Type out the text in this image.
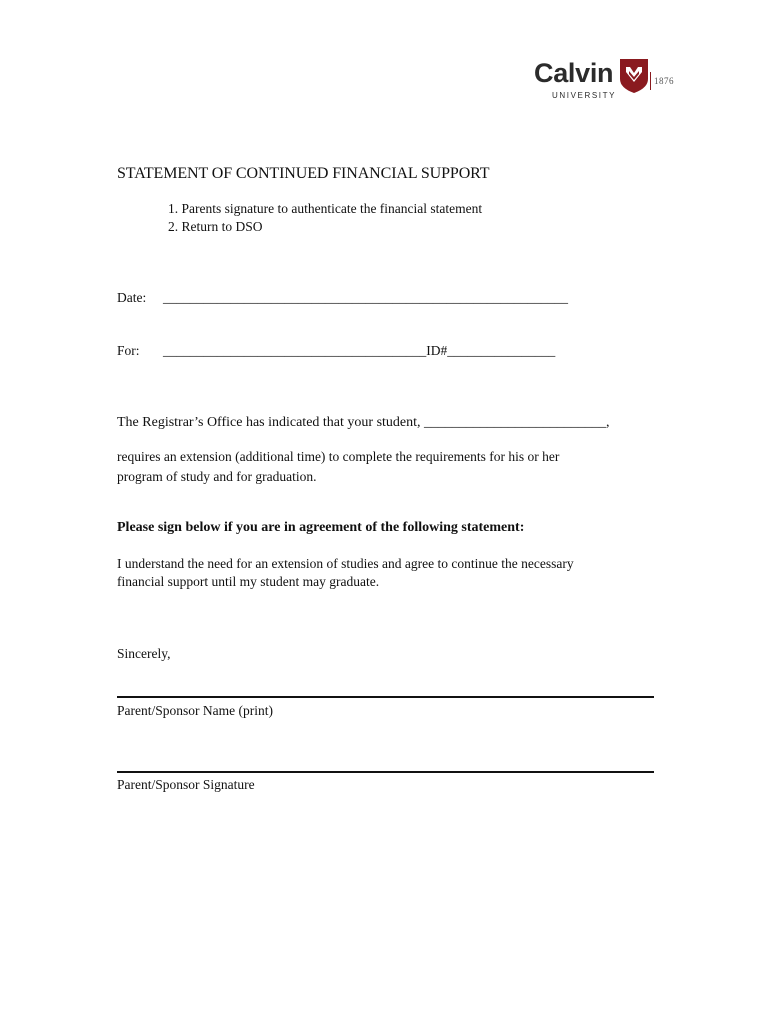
Calvin
UNIVERSITY
1876
STATEMENT OF CONTINUED FINANCIAL SUPPORT
1. Parents signature to authenticate the financial statement
2. Return to DSO
Date: ____________________________________________________________
For: _______________________________________ID#________________
The Registrar’s Office has indicated that your student, __________________________,
requires an extension (additional time) to complete the requirements for his or her
program of study and for graduation.
Please sign below if you are in agreement of the following statement:
I understand the need for an extension of studies and agree to continue the necessary
financial support until my student may graduate.
Sincerely,
Parent/Sponsor Name (print)
Parent/Sponsor Signature
